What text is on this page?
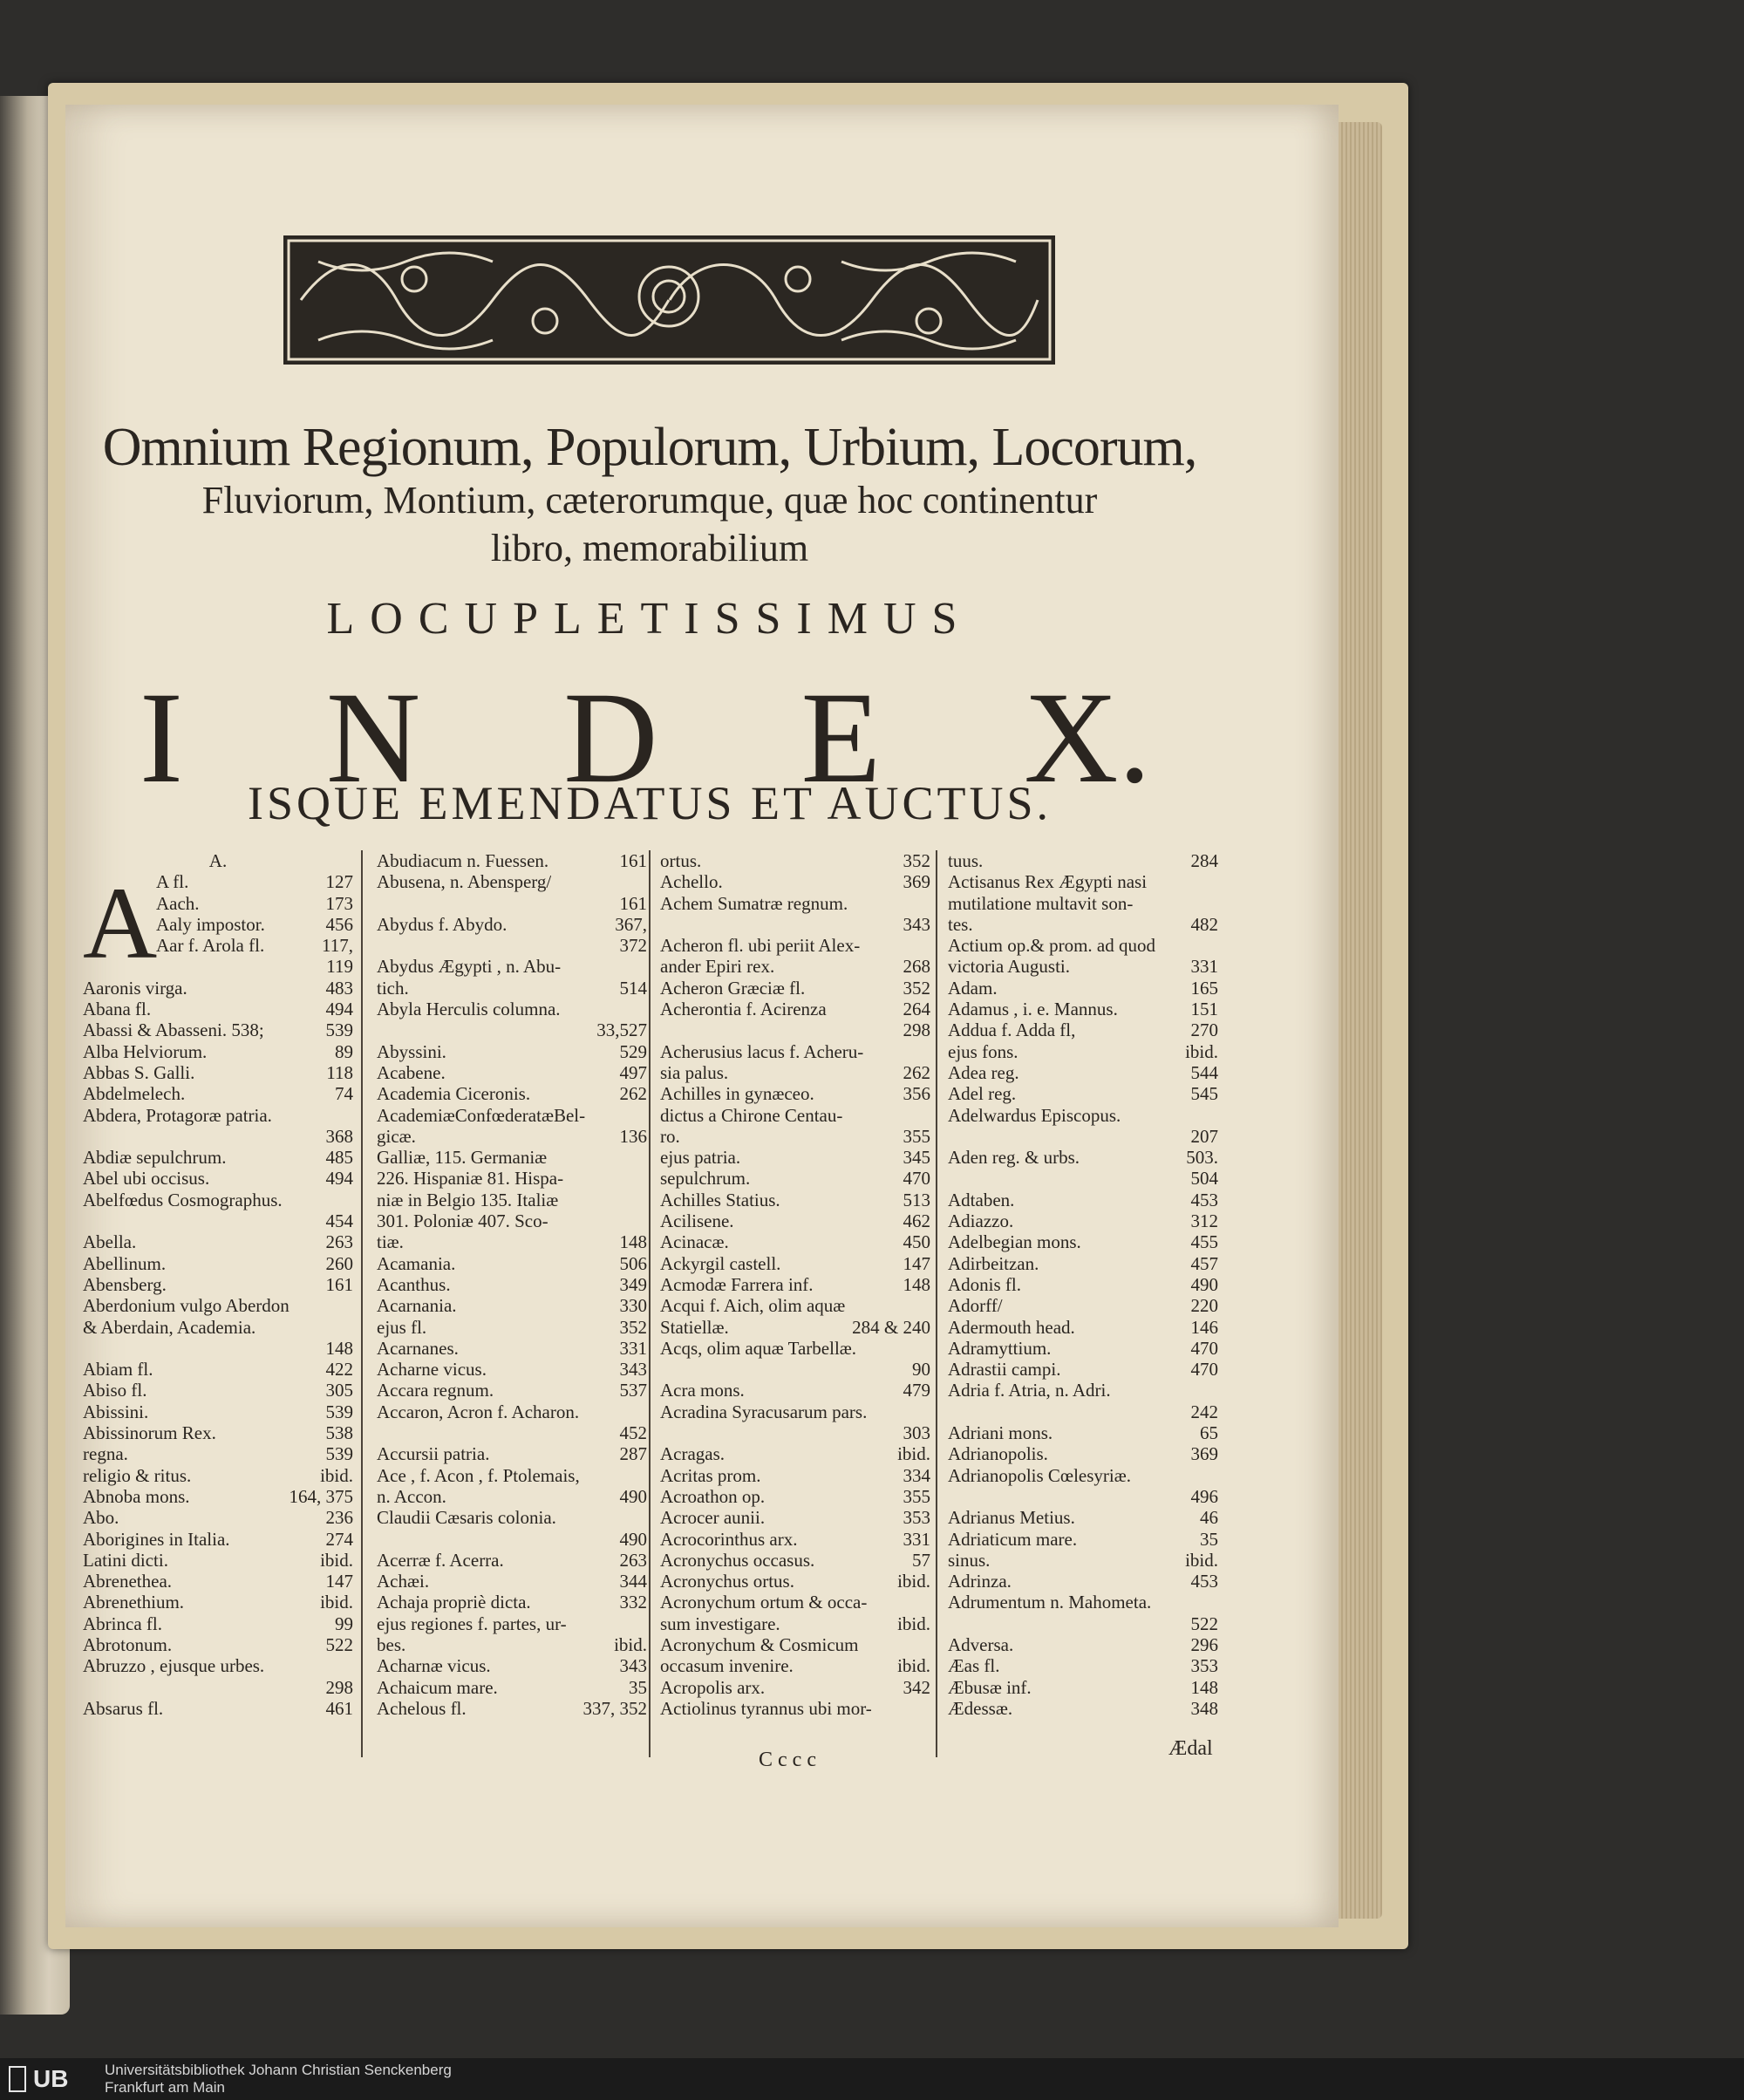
Omnium Regionum, Populorum, Urbium, Locorum,
Fluviorum, Montium, cæterorumque, quæ hoc continentur
libro, memorabilium
LOCUPLETISSIMUS
I N D E X.
ISQUE EMENDATUS ET AUCTUS.
A
A.
A fl.	127
Aach.	173
Aaly impostor.	456
Aar f. Arola fl.	117,
119
Aaronis virga.	483
Abana fl.	494
Abassi & Abasseni. 538;	539
Alba Helviorum.	89
Abbas S. Galli.	118
Abdelmelech.	74
Abdera, Protagoræ patria.
368
Abdiæ sepulchrum.	485
Abel ubi occisus.	494
Abelfœdus Cosmographus.
454
Abella.	263
Abellinum.	260
Abensberg.	161
Aberdonium vulgo Aberdon
& Aberdain, Academia.
148
Abiam fl.	422
Abiso fl.	305
Abissini.	539
Abissinorum Rex.	538
regna.	539
religio & ritus.	ibid.
Abnoba mons.	164, 375
Abo.	236
Aborigines in Italia.	274
Latini dicti.	ibid.
Abrenethea.	147
Abrenethium.	ibid.
Abrinca fl.	99
Abrotonum.	522
Abruzzo , ejusque urbes.
298
Absarus fl.	461
Abudiacum n. Fuessen.	161
Abusena, n. Abensperg/
161
Abydus f. Abydo.	367,
372
Abydus Ægypti , n. Abu-
tich.	514
Abyla Herculis columna.
33,527
Abyssini.	529
Acabene.	497
Academia Ciceronis.	262
AcademiæConfœderatæBel-
gicæ.	136
Galliæ, 115. Germaniæ
226. Hispaniæ 81. Hispa-
niæ in Belgio 135. Italiæ
301. Poloniæ 407. Sco-
tiæ.	148
Acamania.	506
Acanthus.	349
Acarnania.	330
ejus fl.	352
Acarnanes.	331
Acharne vicus.	343
Accara regnum.	537
Accaron, Acron f. Acharon.
452
Accursii patria.	287
Ace , f. Acon , f. Ptolemais,
n. Accon.	490
Claudii Cæsaris colonia.
490
Acerræ f. Acerra.	263
Achæi.	344
Achaja propriè dicta.	332
ejus regiones f. partes, ur-
bes.	ibid.
Acharnæ vicus.	343
Achaicum mare.	35
Achelous fl.	337, 352
ortus.	352
Achello.	369
Achem Sumatræ regnum.
343
Acheron fl. ubi periit Alex-
ander Epiri rex.	268
Acheron Græciæ fl.	352
Acherontia f. Acirenza	264
298
Acherusius lacus f. Acheru-
sia palus.	262
Achilles in gynæceo.	356
dictus a Chirone Centau-
ro.	355
ejus patria.	345
sepulchrum.	470
Achilles Statius.	513
Acilisene.	462
Acinacæ.	450
Ackyrgil castell.	147
Acmodæ Farrera inf.	148
Acqui f. Aich, olim aquæ
Statiellæ.	284 & 240
Acqs, olim aquæ Tarbellæ.
90
Acra mons.	479
Acradina Syracusarum pars.
303
Acragas.	ibid.
Acritas prom.	334
Acroathon op.	355
Acrocer aunii.	353
Acrocorinthus arx.	331
Acronychus occasus.	57
Acronychus ortus.	ibid.
Acronychum ortum & occa-
sum investigare.	ibid.
Acronychum & Cosmicum
occasum invenire.	ibid.
Acropolis arx.	342
Actiolinus tyrannus ubi mor-
tuus.	284
Actisanus Rex Ægypti nasi
mutilatione multavit son-
tes.	482
Actium op.& prom. ad quod
victoria Augusti.	331
Adam.	165
Adamus , i. e. Mannus.	151
Addua f. Adda fl,	270
ejus fons.	ibid.
Adea reg.	544
Adel reg.	545
Adelwardus Episcopus.
207
Aden reg. & urbs.	503.
504
Adtaben.	453
Adiazzo.	312
Adelbegian mons.	455
Adirbeitzan.	457
Adonis fl.	490
Adorff/	220
Adermouth head.	146
Adramyttium.	470
Adrastii campi.	470
Adria f. Atria, n. Adri.
242
Adriani mons.	65
Adrianopolis.	369
Adrianopolis Cœlesyriæ.
496
Adrianus Metius.	46
Adriaticum mare.	35
sinus.	ibid.
Adrinza.	453
Adrumentum n. Mahometa.
522
Adversa.	296
Æas fl.	353
Æbusæ inf.	148
Ædessæ.	348
Cccc	Ædal
UB Universitätsbibliothek Johann Christian Senckenberg
Frankfurt am Main
